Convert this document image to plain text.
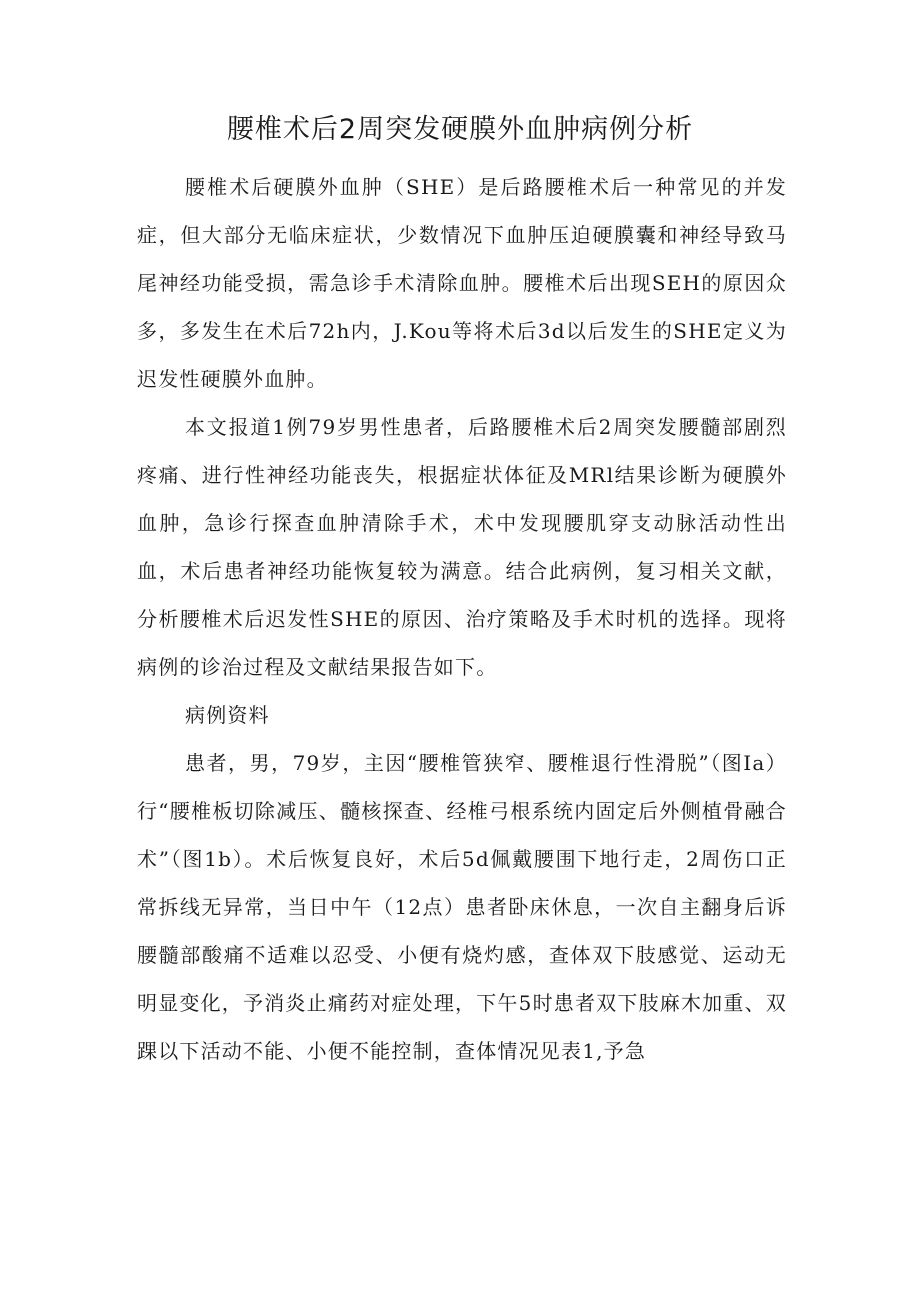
腰椎术后2周突发硬膜外血肿病例分析

腰椎术后硬膜外血肿（SHE）是后路腰椎术后一种常见的并发症，但大部分无临床症状，少数情况下血肿压迫硬膜囊和神经导致马尾神经功能受损，需急诊手术清除血肿。腰椎术后出现SEH的原因众多，多发生在术后72h内，J.Kou等将术后3d以后发生的SHE定义为迟发性硬膜外血肿。

本文报道1例79岁男性患者，后路腰椎术后2周突发腰髓部剧烈疼痛、进行性神经功能丧失，根据症状体征及MRl结果诊断为硬膜外血肿，急诊行探查血肿清除手术，术中发现腰肌穿支动脉活动性出血，术后患者神经功能恢复较为满意。结合此病例，复习相关文献，分析腰椎术后迟发性SHE的原因、治疗策略及手术时机的选择。现将病例的诊治过程及文献结果报告如下。

病例资料

患者，男，79岁，主因“腰椎管狭窄、腰椎退行性滑脱”（图Ia）行“腰椎板切除减压、髓核探查、经椎弓根系统内固定后外侧植骨融合术”（图1b）。术后恢复良好，术后5d佩戴腰围下地行走，2周伤口正常拆线无异常，当日中午（12点）患者卧床休息，一次自主翻身后诉腰髓部酸痛不适难以忍受、小便有烧灼感，查体双下肢感觉、运动无明显变化，予消炎止痛药对症处理，下午5时患者双下肢麻木加重、双踝以下活动不能、小便不能控制，查体情况见表1,予急
